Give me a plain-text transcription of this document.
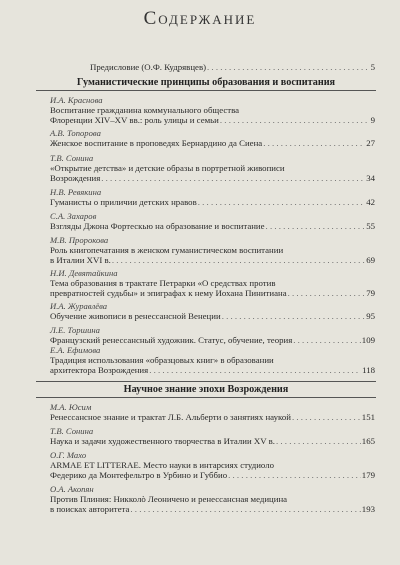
Содержание
Предисловие (О.Ф. Кудрявцев) . . .	5
Гуманистические принципы образования и воспитания
Научное знание эпохи Возрождения
И.А. Краснова
Воспитание гражданина коммунального общества
Флоренции XIV–XV вв.: роль улицы и семьи . . .	9
А.В. Топорова
Женское воспитание в проповедях Бернардино да Сиена . . .	27
Т.В. Сонина
«Открытие детства» и детские образы в портретной живописи
Возрождения . . .	34
Н.В. Ревякина
Гуманисты о приличии детских нравов . . .	42
С.А. Захаров
Взгляды Джона Фортескью на образование и воспитание . . .	55
М.В. Пророкова
Роль книгопечатания в женском гуманистическом воспитании
в Италии XVI в. . . .	69
Н.И. Девятайкина
Тема образования в трактате Петрарки «О средствах против
превратностей судьбы» и эпиграфах к нему Иохана Пинитиана . . .	79
И.А. Журавлёва
Обучение живописи в ренессансной Венеции . . .	95
Л.Е. Торшина
Французский ренессансный художник. Статус, обучение, теория . . .	109
Е.А. Ефимова
Традиция использования «образцовых книг» в образовании
архитектора Возрождения . . .	118
М.А. Юсим
Ренессансное знание и трактат Л.Б. Альберти о занятиях наукой . . .	151
Т.В. Сонина
Наука и задачи художественного творчества в Италии XV в. . . .	165
О.Г. Махо
ARMAE ET LITTERAE. Место науки в интарсиях студиоло
Федерико да Монтефельтро в Урбино и Губбио . . .	179
О.А. Акопян
Против Плиния: Никколò Леоничено и ренессансная медицина
в поисках авторитета . . .	193
